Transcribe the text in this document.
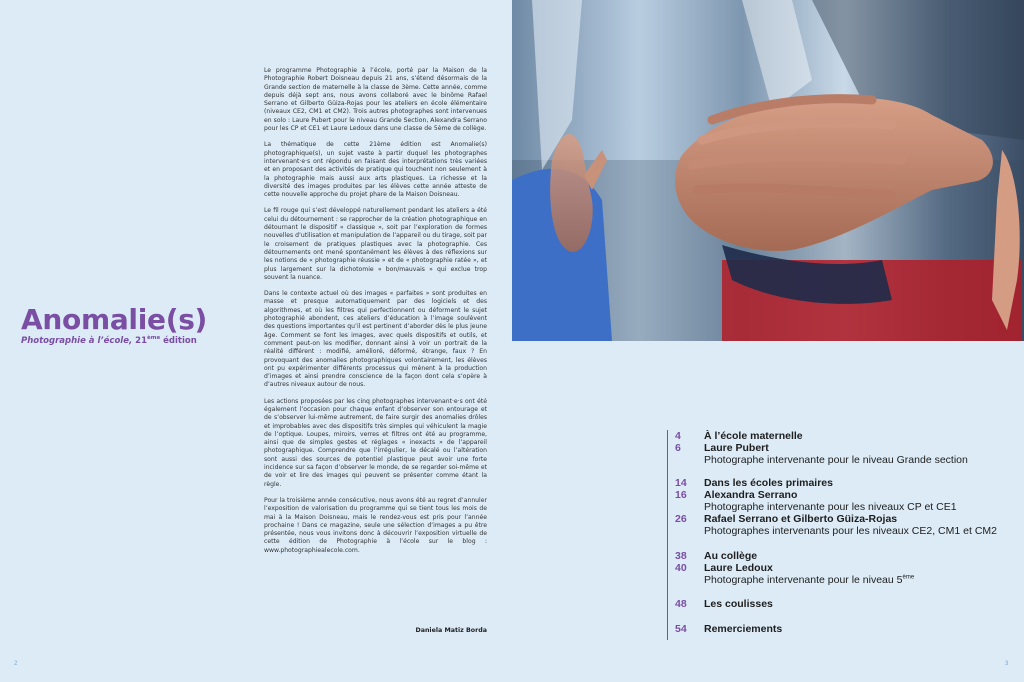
Anomalie(s)
Photographie à l’école, 21ème édition

Le programme Photographie à l’école, porté par la Maison de la Photographie Robert Doisneau depuis 21 ans, s’étend désormais de la Grande section de maternelle à la classe de 3ème. Cette année, comme depuis déjà sept ans, nous avons collaboré avec le binôme Rafael Serrano et Gilberto Güiza-Rojas pour les ateliers en école élémentaire (niveaux CE2, CM1 et CM2). Trois autres photographes sont intervenues en solo : Laure Pubert pour le niveau Grande Section, Alexandra Serrano pour les CP et CE1 et Laure Ledoux dans une classe de 5ème de collège.

La thématique de cette 21ème édition est Anomalie(s) photographique(s), un sujet vaste à partir duquel les photographes intervenant·e·s ont répondu en faisant des interprétations très variées et en proposant des activités de pratique qui touchent non seulement à la photographie mais aussi aux arts plastiques. La richesse et la diversité des images produites par les élèves cette année atteste de cette nouvelle approche du projet phare de la Maison Doisneau.

Le fil rouge qui s’est développé naturellement pendant les ateliers a été celui du détournement : se rapprocher de la création photographique en détournant le dispositif « classique », soit par l’exploration de formes nouvelles d’utilisation et manipulation de l’appareil ou du tirage, soit par le croisement de pratiques plastiques avec la photographie. Ces détournements ont mené spontanément les élèves à des réflexions sur les notions de « photographie réussie » et de « photographie ratée », et plus largement sur la dichotomie « bon/mauvais » qui exclue trop souvent la nuance.

Dans le contexte actuel où des images « parfaites » sont produites en masse et presque automatiquement par des logiciels et des algorithmes, et où les filtres qui perfectionnent ou déforment le sujet photographié abondent, ces ateliers d’éducation à l’image soulèvent des questions importantes qu’il est pertinent d’aborder dès le plus jeune âge. Comment se font les images, avec quels dispositifs et outils, et comment peut-on les modifier, donnant ainsi à voir un portrait de la réalité différent : modifié, amélioré, déformé, étrange, faux ? En provoquant des anomalies photographiques volontairement, les élèves ont pu expérimenter différents processus qui mènent à la production d’images et ainsi prendre conscience de la façon dont cela s’opère à d’autres niveaux autour de nous.

Les actions proposées par les cinq photographes intervenant·e·s ont été également l’occasion pour chaque enfant d’observer son entourage et de s’observer lui-même autrement, de faire surgir des anomalies drôles et improbables avec des dispositifs très simples qui véhiculent la magie de l’optique. Loupes, miroirs, verres et filtres ont été au programme, ainsi que de simples gestes et réglages « inexacts » de l’appareil photographique. Comprendre que l’irrégulier, le décalé ou l’altération sont aussi des sources de potentiel plastique peut avoir une forte incidence sur sa façon d’observer le monde, de se regarder soi-même et de voir et lire des images qui peuvent se présenter comme étant la règle.

Pour la troisième année consécutive, nous avons été au regret d’annuler l’exposition de valorisation du programme qui se tient tous les mois de mai à la Maison Doisneau, mais le rendez-vous est pris pour l’année prochaine ! Dans ce magazine, seule une sélection d’images a pu être présentée, nous vous invitons donc à découvrir l’exposition virtuelle de cette édition de Photographie à l’école sur le blog : www.photographiealecole.com.

Daniela Matiz Borda
4	À l’école maternelle
6	Laure Pubert
Photographe intervenante pour le niveau Grande section
14	Dans les écoles primaires
16	Alexandra Serrano
Photographe intervenante pour les niveaux CP et CE1
26	Rafael Serrano et Gilberto Güiza-Rojas
Photographes intervenants pour les niveaux CE2, CM1 et CM2
38	Au collège
40	Laure Ledoux
Photographe intervenante pour le niveau 5ème
48	Les coulisses
54	Remerciements
2	3
